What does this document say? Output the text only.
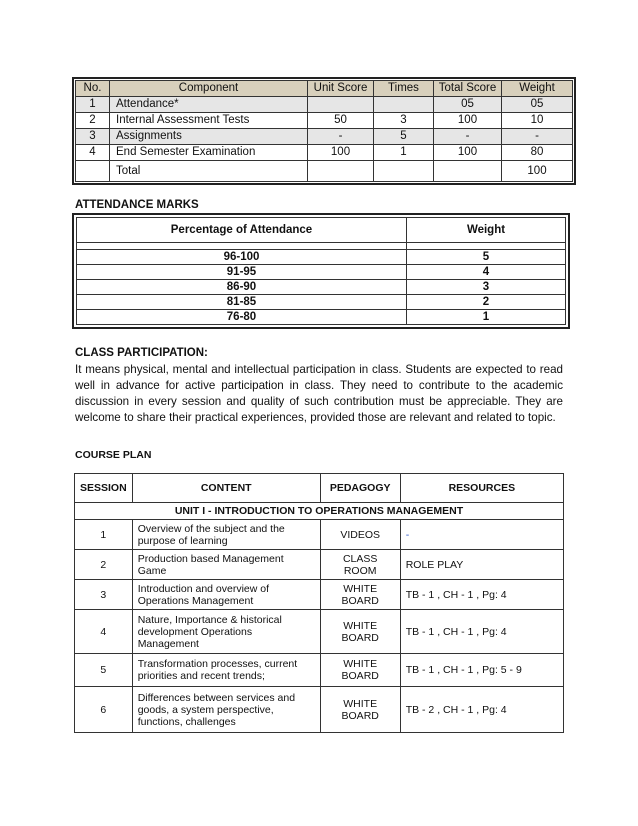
No.	Component	Unit Score	Times	Total Score	Weight
1	Attendance*			05	05
2	Internal Assessment Tests	50	3	100	10
3	Assignments	-	5	-	-
4	End Semester Examination	100	1	100	80
	Total				100
ATTENDANCE MARKS
Percentage of Attendance	Weight

96-100	5
91-95	4
86-90	3
81-85	2
76-80	1
CLASS PARTICIPATION:
It means physical, mental and intellectual participation in class. Students are expected to read well in advance for active participation in class. They need to contribute to the academic discussion in every session and quality of such contribution must be appreciable. They are welcome to share their practical experiences, provided those are relevant and related to topic.
COURSE PLAN
SESSION	CONTENT	PEDAGOGY	RESOURCES
UNIT I - INTRODUCTION TO OPERATIONS MANAGEMENT			
1	Overview of the subject and the purpose of learning	VIDEOS	-
2	Production based Management Game	CLASS ROOM	ROLE PLAY
3	Introduction and overview of Operations Management	WHITE BOARD	TB - 1 , CH - 1 , Pg: 4
4	Nature, Importance & historical development Operations Management	WHITE BOARD	TB - 1 , CH - 1 , Pg: 4
5	Transformation processes, current priorities and recent trends;	WHITE BOARD	TB - 1 , CH - 1 , Pg: 5 - 9
6	Differences between services and goods, a system perspective, functions, challenges	WHITE BOARD	TB - 2 , CH - 1 , Pg: 4
